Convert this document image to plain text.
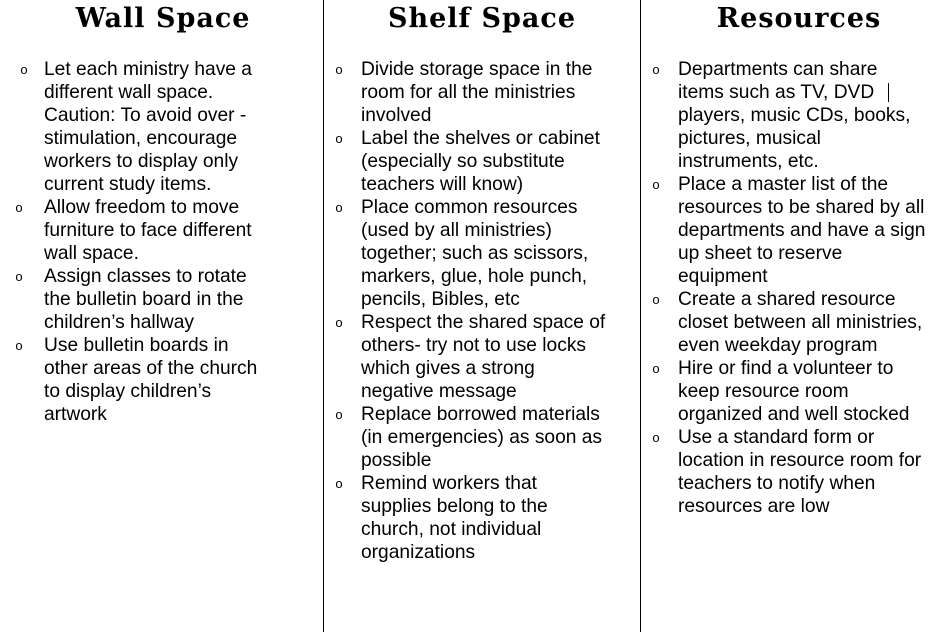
Wall Space
o Let each ministry have a different wall space. Caution: To avoid over - stimulation, encourage workers to display only current study items.
o Allow freedom to move furniture to face different wall space.
o Assign classes to rotate the bulletin board in the children’s hallway
o Use bulletin boards in other areas of the church to display children’s artwork
Shelf Space
o Divide storage space in the room for all the ministries involved
o Label the shelves or cabinet (especially so substitute teachers will know)
o Place common resources (used by all ministries) together; such as scissors, markers, glue, hole punch, pencils, Bibles, etc
o Respect the shared space of others- try not to use locks which gives a strong negative message
o Replace borrowed materials (in emergencies) as soon as possible
o Remind workers that supplies belong to the church, not individual organizations
Resources
o Departments can share items such as TV, DVD players, music CDs, books, pictures, musical instruments, etc.
o Place a master list of the resources to be shared by all departments and have a sign up sheet to reserve equipment
o Create a shared resource closet between all ministries, even weekday program
o Hire or find a volunteer to keep resource room organized and well stocked
o Use a standard form or location in resource room for teachers to notify when resources are low
